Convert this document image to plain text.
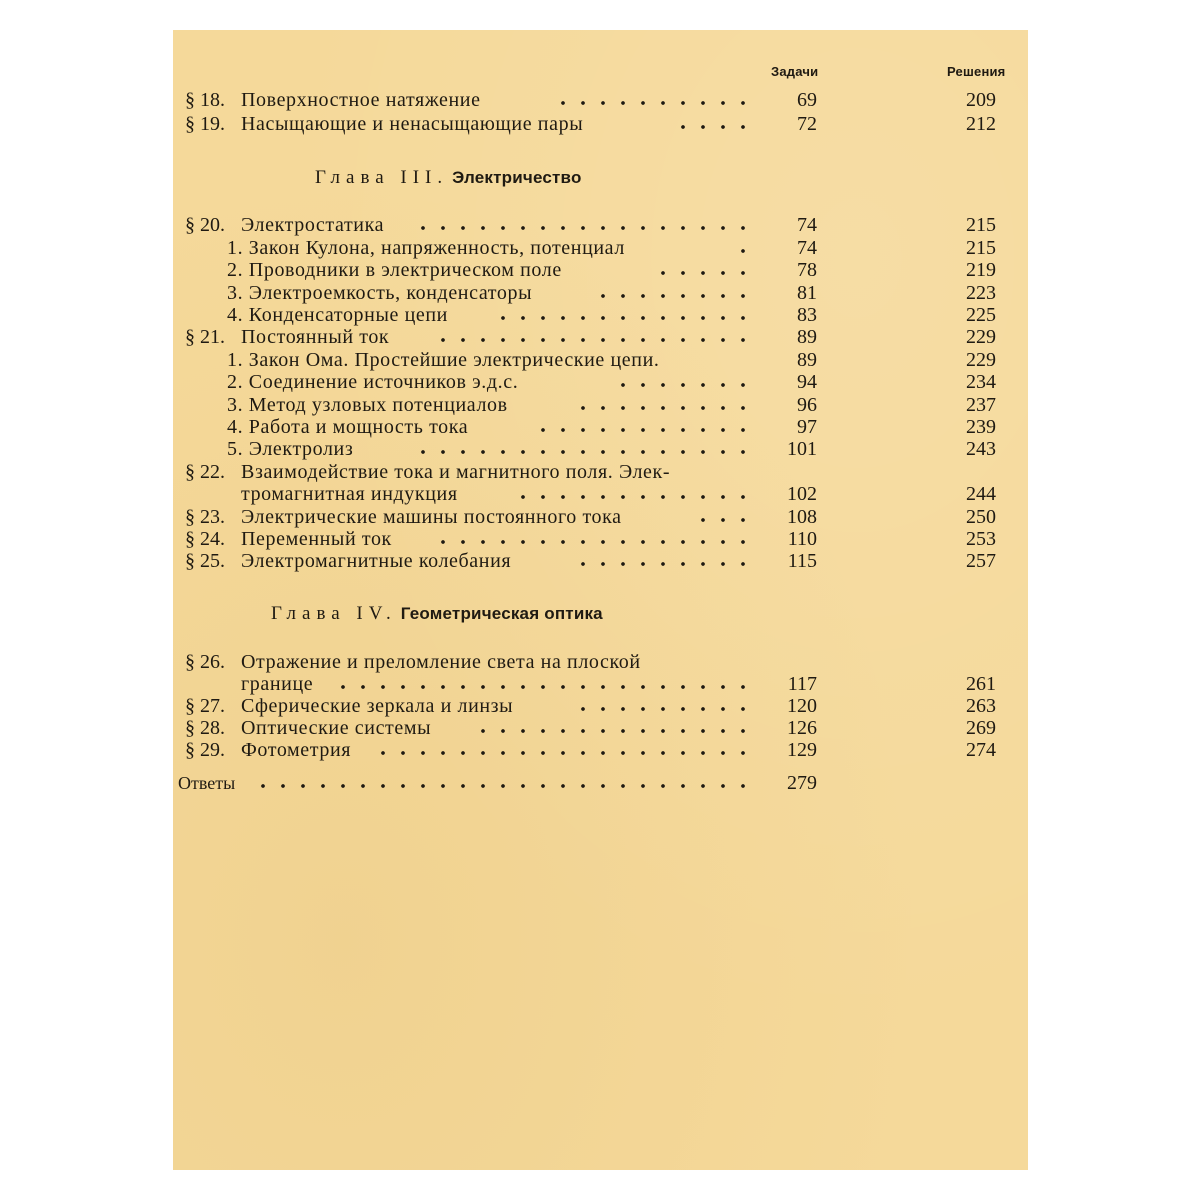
Задачи	Решения
§ 18. Поверхностное натяжение	69	209
§ 19. Насыщающие и ненасыщающие пары	72	212
Глава III. Электричество
§ 20. Электростатика	74	215
1. Закон Кулона, напряженность, потенциал	74	215
2. Проводники в электрическом поле	78	219
3. Электроемкость, конденсаторы	81	223
4. Конденсаторные цепи	83	225
§ 21. Постоянный ток	89	229
1. Закон Ома. Простейшие электрические цепи.	89	229
2. Соединение источников э.д.с.	94	234
3. Метод узловых потенциалов	96	237
4. Работа и мощность тока	97	239
5. Электролиз	101	243
§ 22. Взаимодействие тока и магнитного поля. Элек-
тромагнитная индукция	102	244
§ 23. Электрические машины постоянного тока	108	250
§ 24. Переменный ток	110	253
§ 25. Электромагнитные колебания	115	257
Глава IV. Геометрическая оптика
§ 26. Отражение и преломление света на плоской
границе	117	261
§ 27. Сферические зеркала и линзы	120	263
§ 28. Оптические системы	126	269
§ 29. Фотометрия	129	274
Ответы	279
